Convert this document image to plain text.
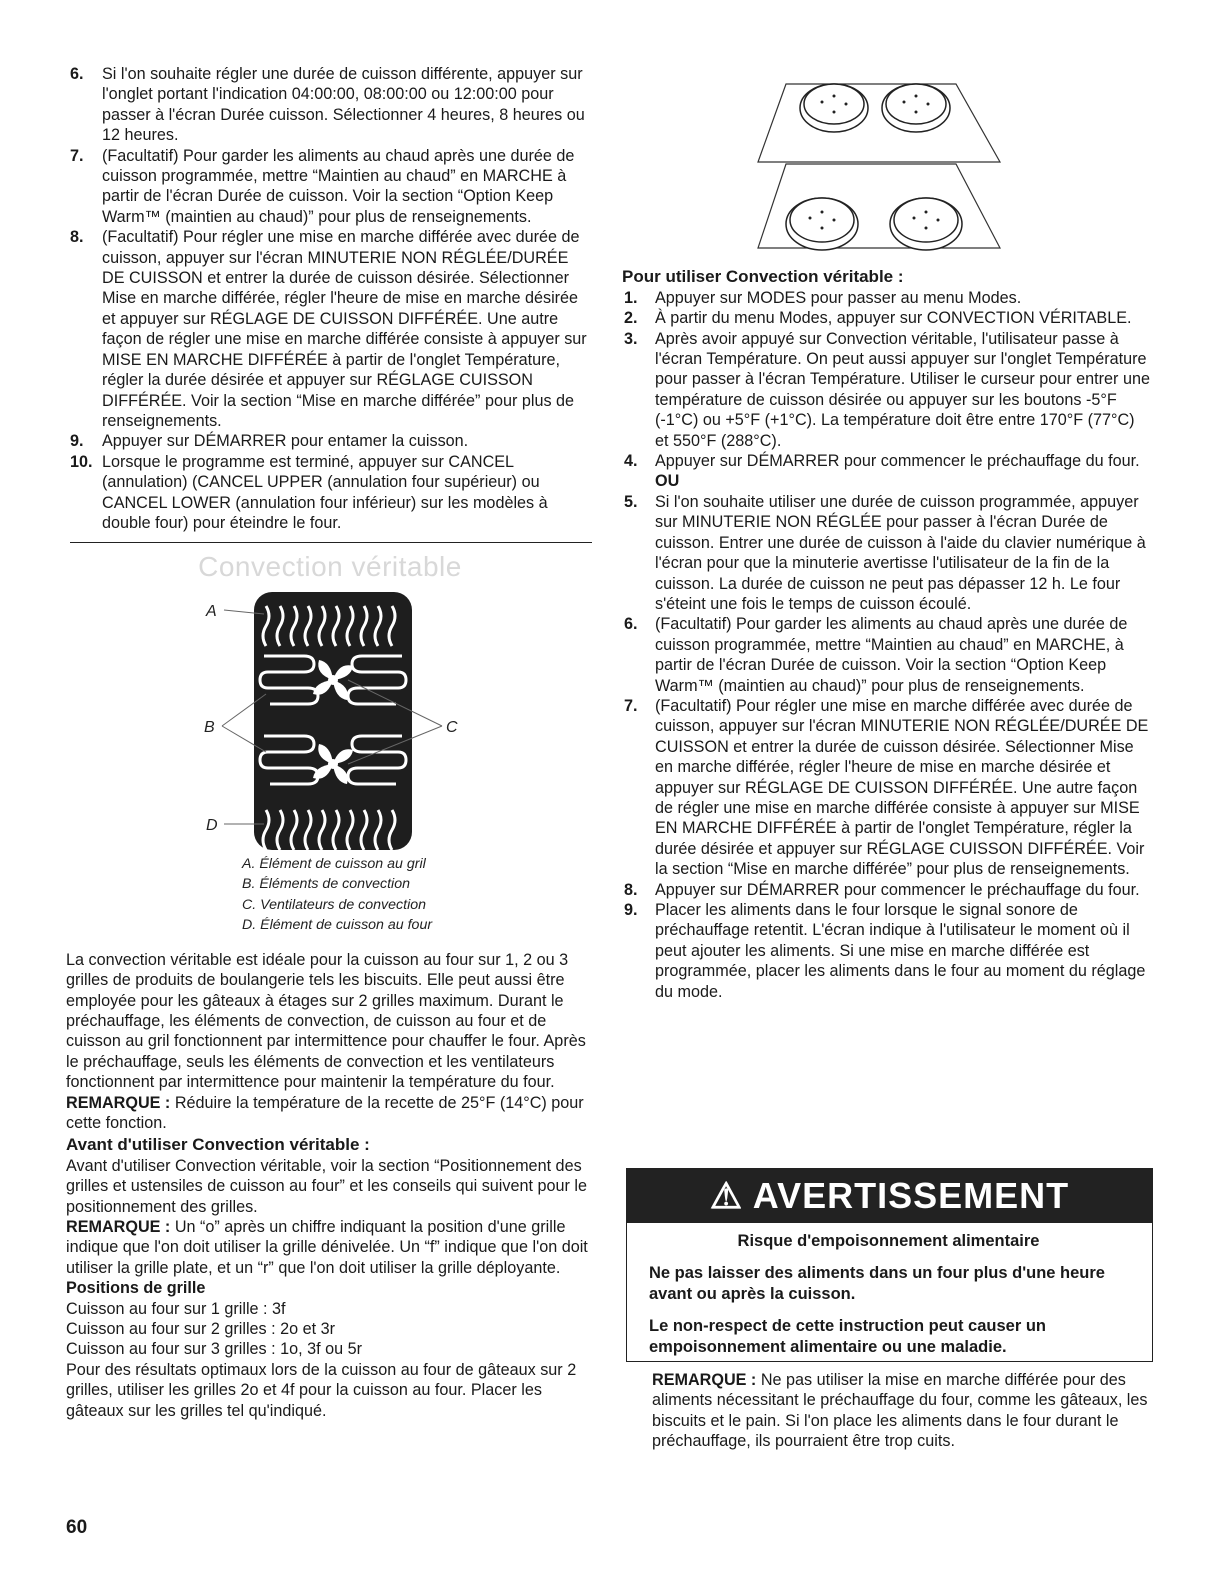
6. Si l'on souhaite régler une durée de cuisson différente, appuyer sur l'onglet portant l'indication 04:00:00, 08:00:00 ou 12:00:00 pour passer à l'écran Durée cuisson. Sélectionner 4 heures, 8 heures ou 12 heures.
7. (Facultatif) Pour garder les aliments au chaud après une durée de cuisson programmée, mettre “Maintien au chaud” en MARCHE à partir de l'écran Durée de cuisson. Voir la section “Option Keep Warm™ (maintien au chaud)” pour plus de renseignements.
8. (Facultatif) Pour régler une mise en marche différée avec durée de cuisson, appuyer sur l'écran MINUTERIE NON RÉGLÉE/DURÉE DE CUISSON et entrer la durée de cuisson désirée. Sélectionner Mise en marche différée, régler l'heure de mise en marche désirée et appuyer sur RÉGLAGE DE CUISSON DIFFÉRÉE. Une autre façon de régler une mise en marche différée consiste à appuyer sur MISE EN MARCHE DIFFÉRÉE à partir de l'onglet Température, régler la durée désirée et appuyer sur RÉGLAGE CUISSON DIFFÉRÉE. Voir la section “Mise en marche différée” pour plus de renseignements.
9. Appuyer sur DÉMARRER pour entamer la cuisson.
10. Lorsque le programme est terminé, appuyer sur CANCEL (annulation) (CANCEL UPPER (annulation four supérieur) ou CANCEL LOWER (annulation four inférieur) sur les modèles à double four) pour éteindre le four.
Convection véritable
A
B	C
D
A. Élément de cuisson au gril
B. Éléments de convection
C. Ventilateurs de convection
D. Élément de cuisson au four

La convection véritable est idéale pour la cuisson au four sur 1, 2 ou 3 grilles de produits de boulangerie tels les biscuits. Elle peut aussi être employée pour les gâteaux à étages sur 2 grilles maximum. Durant le préchauffage, les éléments de convection, de cuisson au four et de cuisson au gril fonctionnent par intermittence pour chauffer le four. Après le préchauffage, seuls les éléments de convection et les ventilateurs fonctionnent par intermittence pour maintenir la température du four.

REMARQUE : Réduire la température de la recette de 25°F (14°C) pour cette fonction.

Avant d'utiliser Convection véritable :

Avant d'utiliser Convection véritable, voir la section “Positionnement des grilles et ustensiles de cuisson au four” et les conseils qui suivent pour le positionnement des grilles.

REMARQUE : Un “o” après un chiffre indiquant la position d'une grille indique que l'on doit utiliser la grille dénivelée. Un “f” indique que l'on doit utiliser la grille plate, et un “r” que l'on doit utiliser la grille déployante.

Positions de grille

Cuisson au four sur 1 grille : 3f

Cuisson au four sur 2 grilles : 2o et 3r

Cuisson au four sur 3 grilles : 1o, 3f ou 5r

Pour des résultats optimaux lors de la cuisson au four de gâteaux sur 2 grilles, utiliser les grilles 2o et 4f pour la cuisson au four. Placer les gâteaux sur les grilles tel qu'indiqué.

Pour utiliser Convection véritable :

1. Appuyer sur MODES pour passer au menu Modes.
2. À partir du menu Modes, appuyer sur CONVECTION VÉRITABLE.
3. Après avoir appuyé sur Convection véritable, l'utilisateur passe à l'écran Température. On peut aussi appuyer sur l'onglet Température pour passer à l'écran Température. Utiliser le curseur pour entrer une température de cuisson désirée ou appuyer sur les boutons -5°F (-1°C) ou +5°F (+1°C). La température doit être entre 170°F (77°C) et 550°F (288°C).
4. Appuyer sur DÉMARRER pour commencer le préchauffage du four.
OU
5. Si l'on souhaite utiliser une durée de cuisson programmée, appuyer sur MINUTERIE NON RÉGLÉE pour passer à l'écran Durée de cuisson. Entrer une durée de cuisson à l'aide du clavier numérique à l'écran pour que la minuterie avertisse l'utilisateur de la fin de la cuisson. La durée de cuisson ne peut pas dépasser 12 h. Le four s'éteint une fois le temps de cuisson écoulé.
6. (Facultatif) Pour garder les aliments au chaud après une durée de cuisson programmée, mettre “Maintien au chaud” en MARCHE, à partir de l'écran Durée de cuisson. Voir la section “Option Keep Warm™ (maintien au chaud)” pour plus de renseignements.
7. (Facultatif) Pour régler une mise en marche différée avec durée de cuisson, appuyer sur l'écran MINUTERIE NON RÉGLÉE/DURÉE DE CUISSON et entrer la durée de cuisson désirée. Sélectionner Mise en marche différée, régler l'heure de mise en marche désirée et appuyer sur RÉGLAGE DE CUISSON DIFFÉRÉE. Une autre façon de régler une mise en marche différée consiste à appuyer sur MISE EN MARCHE DIFFÉRÉE à partir de l'onglet Température, régler la durée désirée et appuyer sur RÉGLAGE CUISSON DIFFÉRÉE. Voir la section “Mise en marche différée” pour plus de renseignements.
8. Appuyer sur DÉMARRER pour commencer le préchauffage du four.
9. Placer les aliments dans le four lorsque le signal sonore de préchauffage retentit. L'écran indique à l'utilisateur le moment où il peut ajouter les aliments. Si une mise en marche différée est programmée, placer les aliments dans le four au moment du réglage du mode.
⚠ AVERTISSEMENT

Risque d'empoisonnement alimentaire

Ne pas laisser des aliments dans un four plus d'une heure avant ou après la cuisson.

Le non-respect de cette instruction peut causer un empoisonnement alimentaire ou une maladie.

REMARQUE : Ne pas utiliser la mise en marche différée pour des aliments nécessitant le préchauffage du four, comme les gâteaux, les biscuits et le pain. Si l'on place les aliments dans le four durant le préchauffage, ils pourraient être trop cuits.
60
